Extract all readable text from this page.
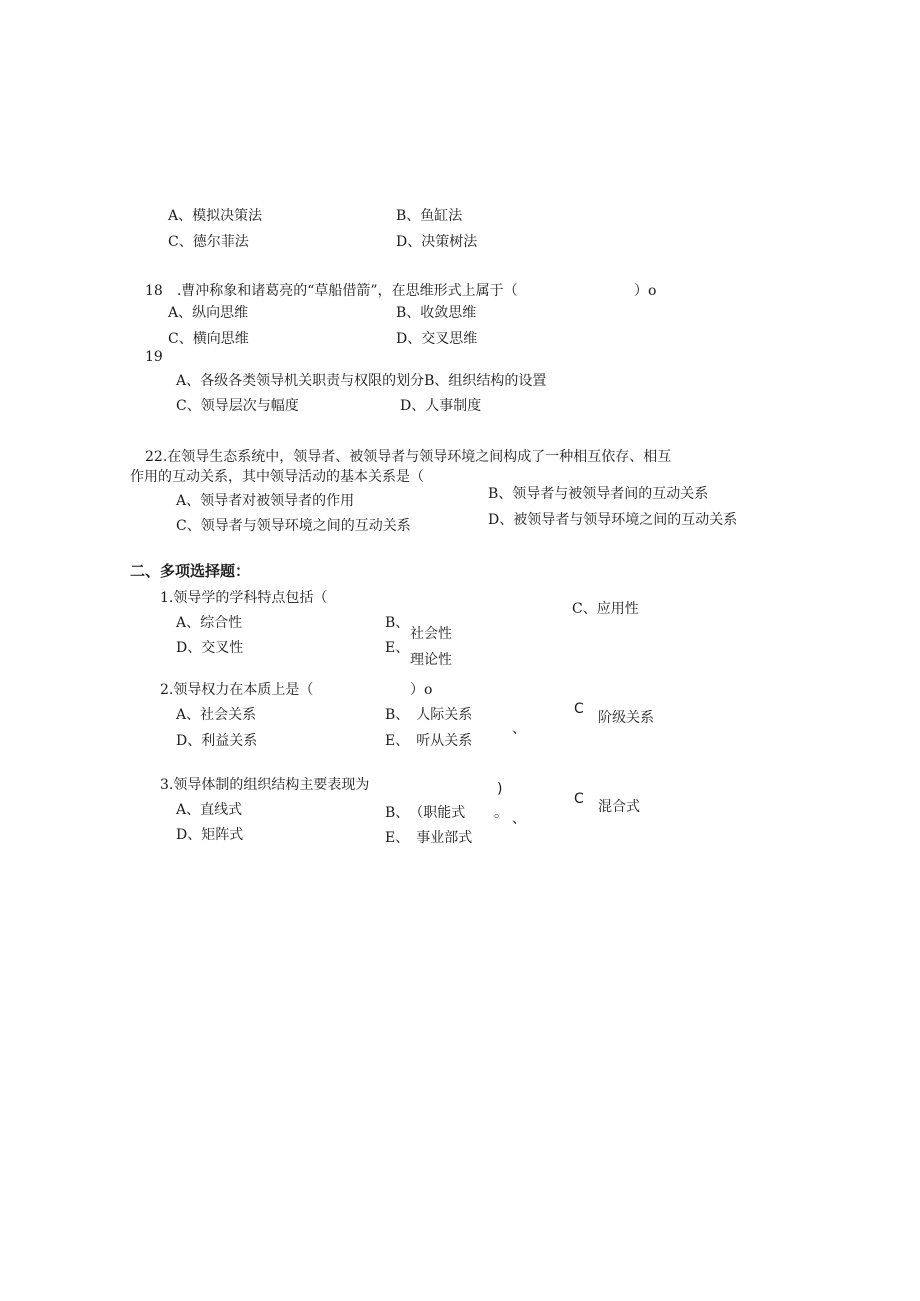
A、模拟决策法	B、鱼缸法
C、德尔菲法	D、决策树法
18　.曹冲称象和诸葛亮的“草船借箭”，在思维形式上属于（	）o
A、纵向思维	B、收敛思维
C、横向思维	D、交叉思维
19
A、各级各类领导机关职责与权限的划分B、组织结构的设置
C、领导层次与幅度	D、人事制度
22.在领导生态系统中，领导者、被领导者与领导环境之间构成了一种相互依存、相互
作用的互动关系，其中领导活动的基本关系是（
A、领导者对被领导者的作用	B、领导者与被领导者间的互动关系
C、领导者与领导环境之间的互动关系	D、被领导者与领导环境之间的互动关系
二、多项选择题：
1.领导学的学科特点包括（
C、应用性
A、综合性	B、
社会性
D、交叉性	E、
理论性
2.领导权力在本质上是（	）o
C
阶级关系
A、社会关系	B、　人际关系
、
D、利益关系	E、　听从关系
3.领导体制的组织结构主要表现为	)
C 混合式
A、直线式	B、　（职能式 。 、
D、矩阵式	E、　事业部式
